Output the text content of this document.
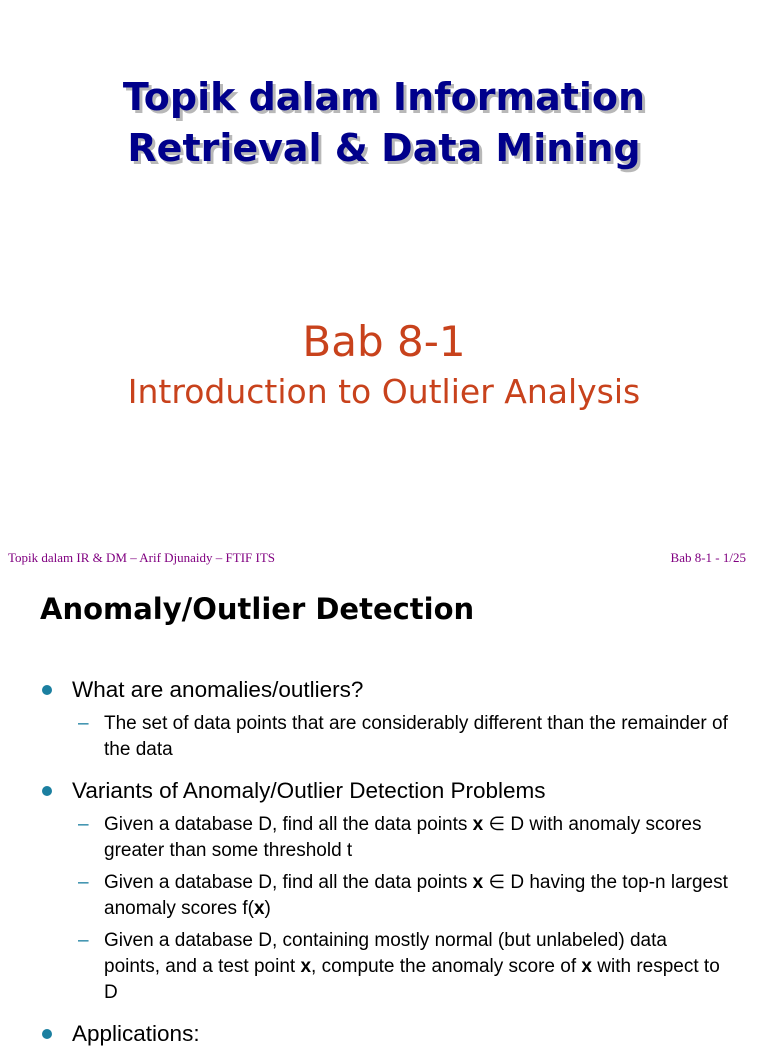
Topik dalam Information
Retrieval & Data Mining
Bab 8-1
Introduction to Outlier Analysis
Topik dalam IR & DM – Arif Djunaidy – FTIF ITS	Bab 8-1 - 1/25
Anomaly/Outlier Detection
What are anomalies/outliers?
– The set of data points that are considerably different than the remainder of the data
Variants of Anomaly/Outlier Detection Problems
– Given a database D, find all the data points x ∈ D with anomaly scores greater than some threshold t
– Given a database D, find all the data points x ∈ D having the top-n largest anomaly scores f(x)
– Given a database D, containing mostly normal (but unlabeled) data points, and a test point x, compute the anomaly score of x with respect to D
Applications:
